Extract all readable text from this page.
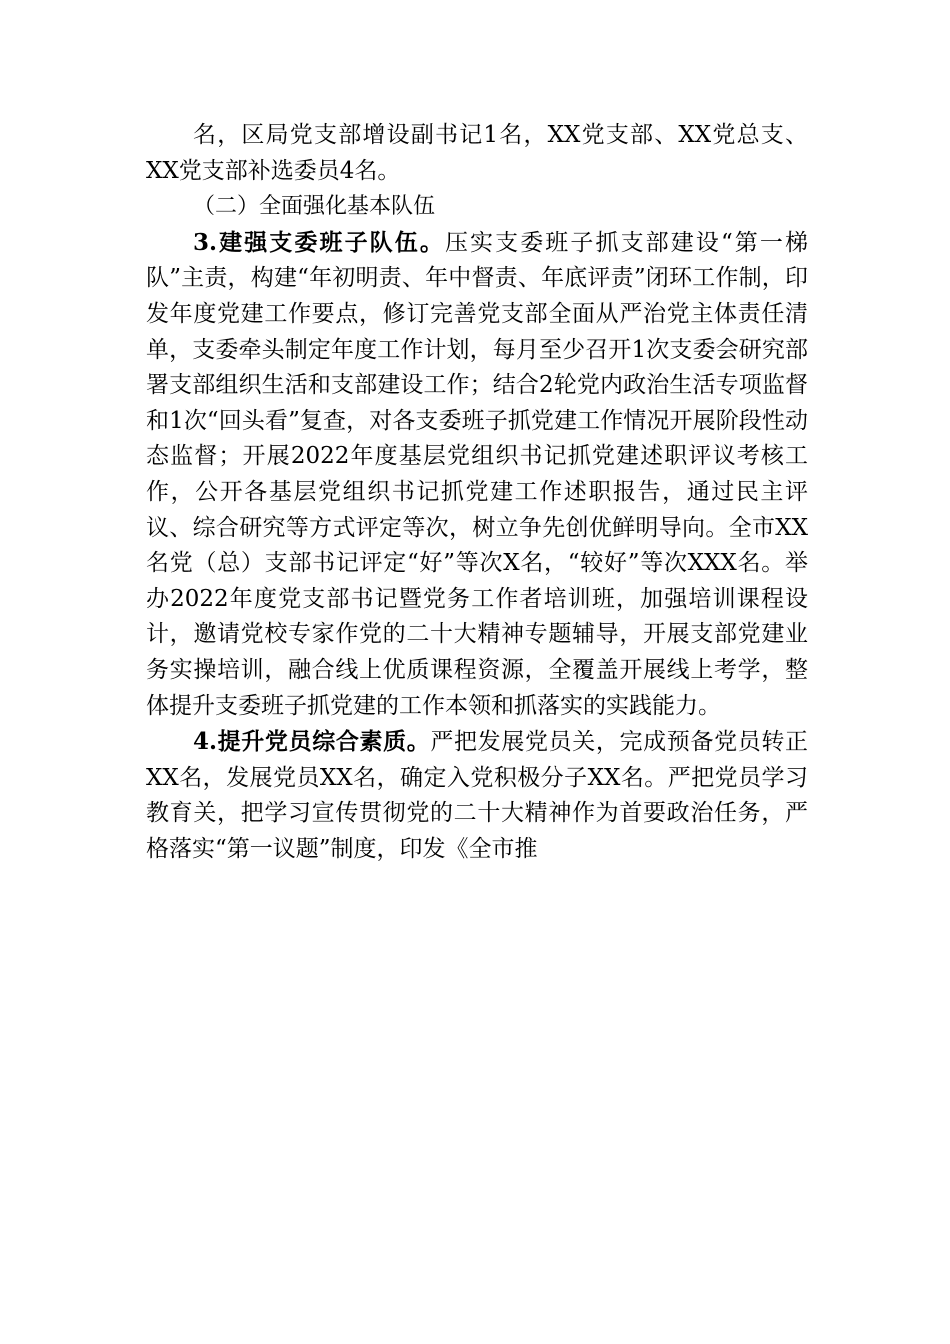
名，区局党支部增设副书记1名，XX党支部、XX党总支、XX党支部补选委员4名。

（二）全面强化基本队伍

3.建强支委班子队伍。压实支委班子抓支部建设“第一梯队”主责，构建“年初明责、年中督责、年底评责”闭环工作制，印发年度党建工作要点，修订完善党支部全面从严治党主体责任清单，支委牵头制定年度工作计划，每月至少召开1次支委会研究部署支部组织生活和支部建设工作；结合2轮党内政治生活专项监督和1次“回头看”复查，对各支委班子抓党建工作情况开展阶段性动态监督；开展2022年度基层党组织书记抓党建述职评议考核工作，公开各基层党组织书记抓党建工作述职报告，通过民主评议、综合研究等方式评定等次，树立争先创优鲜明导向。全市XX名党（总）支部书记评定“好”等次X名，“较好”等次XXX名。举办2022年度党支部书记暨党务工作者培训班，加强培训课程设计，邀请党校专家作党的二十大精神专题辅导，开展支部党建业务实操培训，融合线上优质课程资源，全覆盖开展线上考学，整体提升支委班子抓党建的工作本领和抓落实的实践能力。

4.提升党员综合素质。严把发展党员关，完成预备党员转正XX名，发展党员XX名，确定入党积极分子XX名。严把党员学习教育关，把学习宣传贯彻党的二十大精神作为首要政治任务，严格落实“第一议题”制度，印发《全市推
